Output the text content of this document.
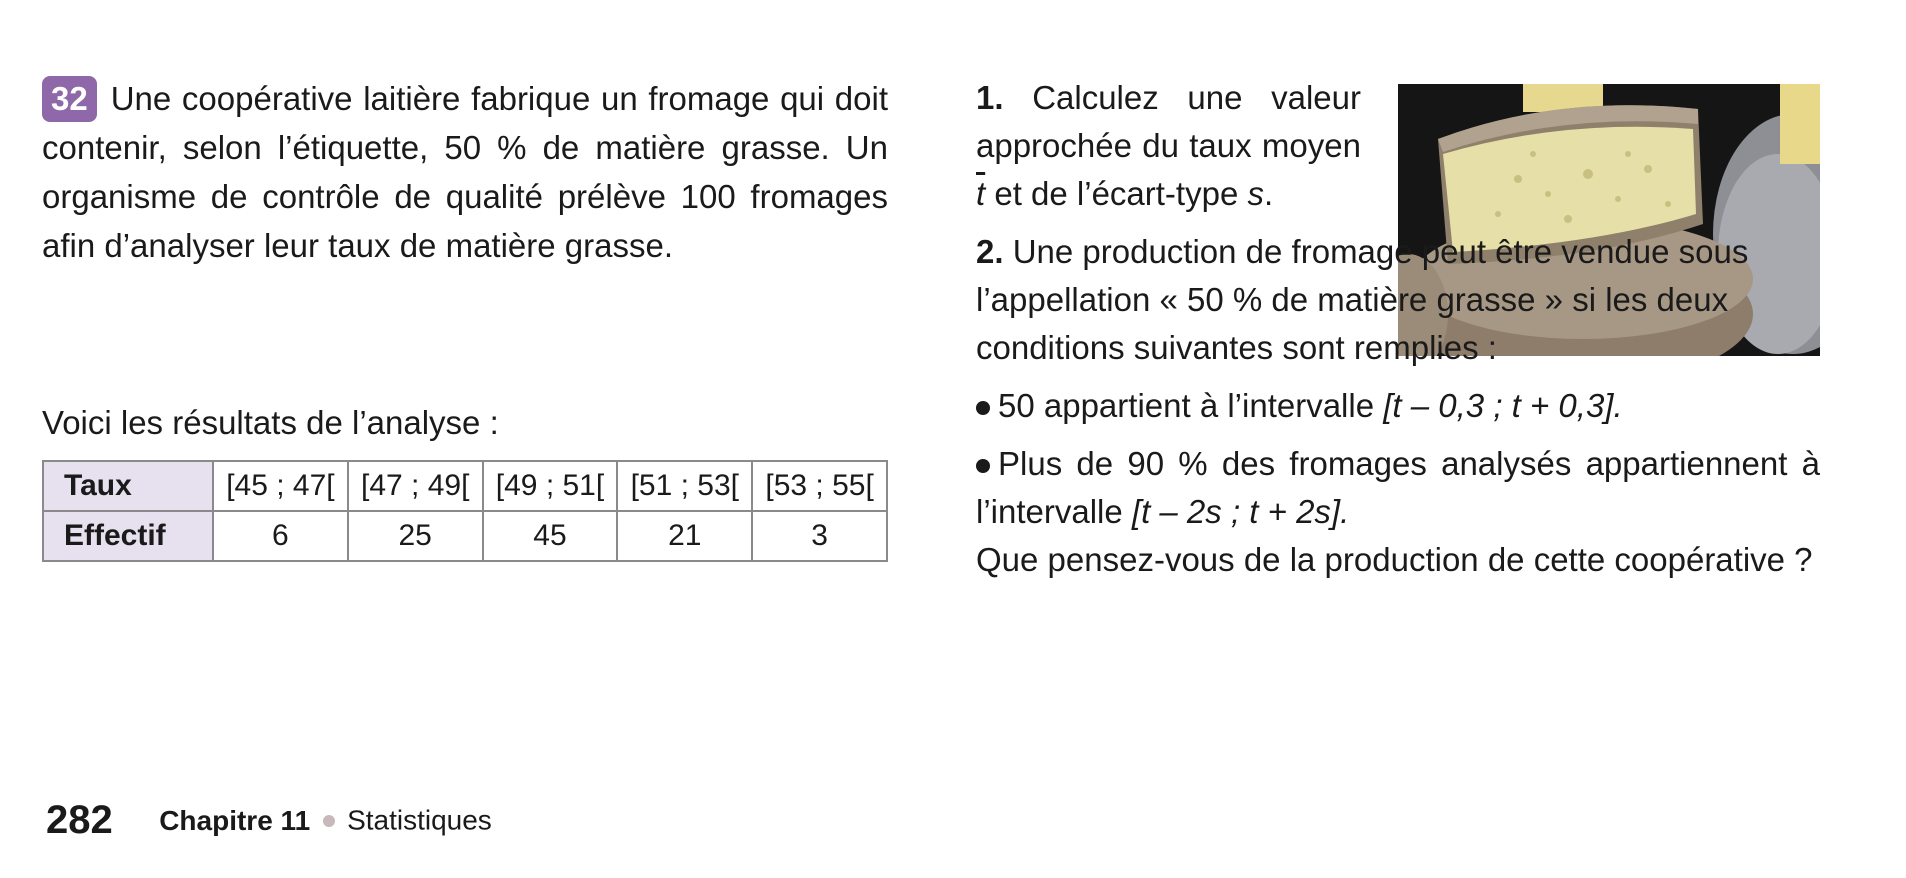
32 Une coopérative laitière fabrique un fromage qui doit contenir, selon l’étiquette, 50 % de matière grasse. Un organisme de contrôle de qualité prélève 100 fromages afin d’analyser leur taux de matière grasse.

Voici les résultats de l’analyse :

Taux	[45 ; 47[	[47 ; 49[	[49 ; 51[	[51 ; 53[	[53 ; 55[
Effectif	6	25	45	21	3

1. Calculez une valeur approchée du taux moyen $\overline{t}$ et de l’écart-type s.

2. Une production de fromage peut être vendue sous l’appellation « 50 % de matière grasse » si les deux conditions suivantes sont remplies :

50 appartient à l’intervalle [t – 0,3 ; t + 0,3].

Plus de 90 % des fromages analysés appartiennent à l’intervalle [t – 2s ; t + 2s].

Que pensez-vous de la production de cette coopérative ?

282 Chapitre 11 Statistiques
